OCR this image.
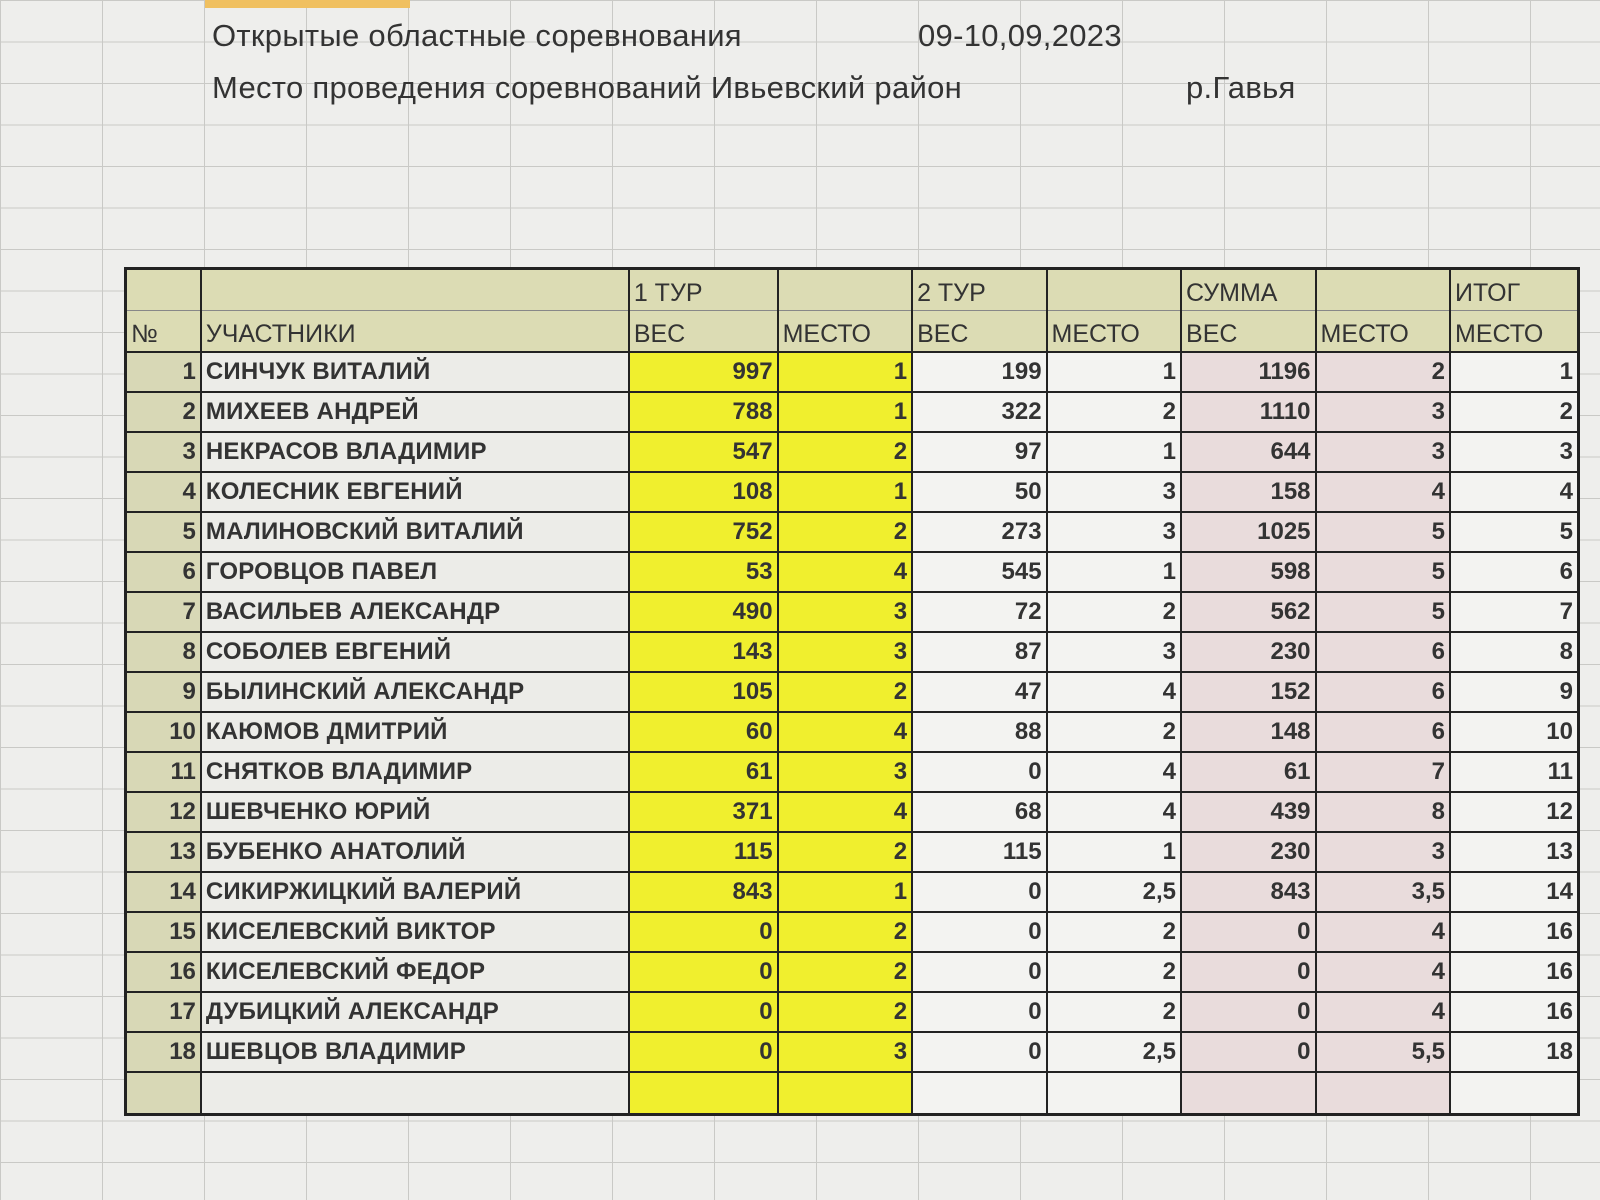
Открытые областные соревнования	09-10,09,2023
Место проведения соревнований Ивьевский район	р.Гавья
		1 ТУР		2 ТУР		СУММА		ИТОГ
№	УЧАСТНИКИ	ВЕС	МЕСТО	ВЕС	МЕСТО	ВЕС	МЕСТО	МЕСТО
1	СИНЧУК ВИТАЛИЙ	997	1	199	1	1196	2	1
2	МИХЕЕВ АНДРЕЙ	788	1	322	2	1110	3	2
3	НЕКРАСОВ ВЛАДИМИР	547	2	97	1	644	3	3
4	КОЛЕСНИК ЕВГЕНИЙ	108	1	50	3	158	4	4
5	МАЛИНОВСКИЙ ВИТАЛИЙ	752	2	273	3	1025	5	5
6	ГОРОВЦОВ ПАВЕЛ	53	4	545	1	598	5	6
7	ВАСИЛЬЕВ АЛЕКСАНДР	490	3	72	2	562	5	7
8	СОБОЛЕВ ЕВГЕНИЙ	143	3	87	3	230	6	8
9	БЫЛИНСКИЙ АЛЕКСАНДР	105	2	47	4	152	6	9
10	КАЮМОВ ДМИТРИЙ	60	4	88	2	148	6	10
11	СНЯТКОВ ВЛАДИМИР	61	3	0	4	61	7	11
12	ШЕВЧЕНКО ЮРИЙ	371	4	68	4	439	8	12
13	БУБЕНКО АНАТОЛИЙ	115	2	115	1	230	3	13
14	СИКИРЖИЦКИЙ ВАЛЕРИЙ	843	1	0	2,5	843	3,5	14
15	КИСЕЛЕВСКИЙ ВИКТОР	0	2	0	2	0	4	16
16	КИСЕЛЕВСКИЙ ФЕДОР	0	2	0	2	0	4	16
17	ДУБИЦКИЙ АЛЕКСАНДР	0	2	0	2	0	4	16
18	ШЕВЦОВ ВЛАДИМИР	0	3	0	2,5	0	5,5	18
